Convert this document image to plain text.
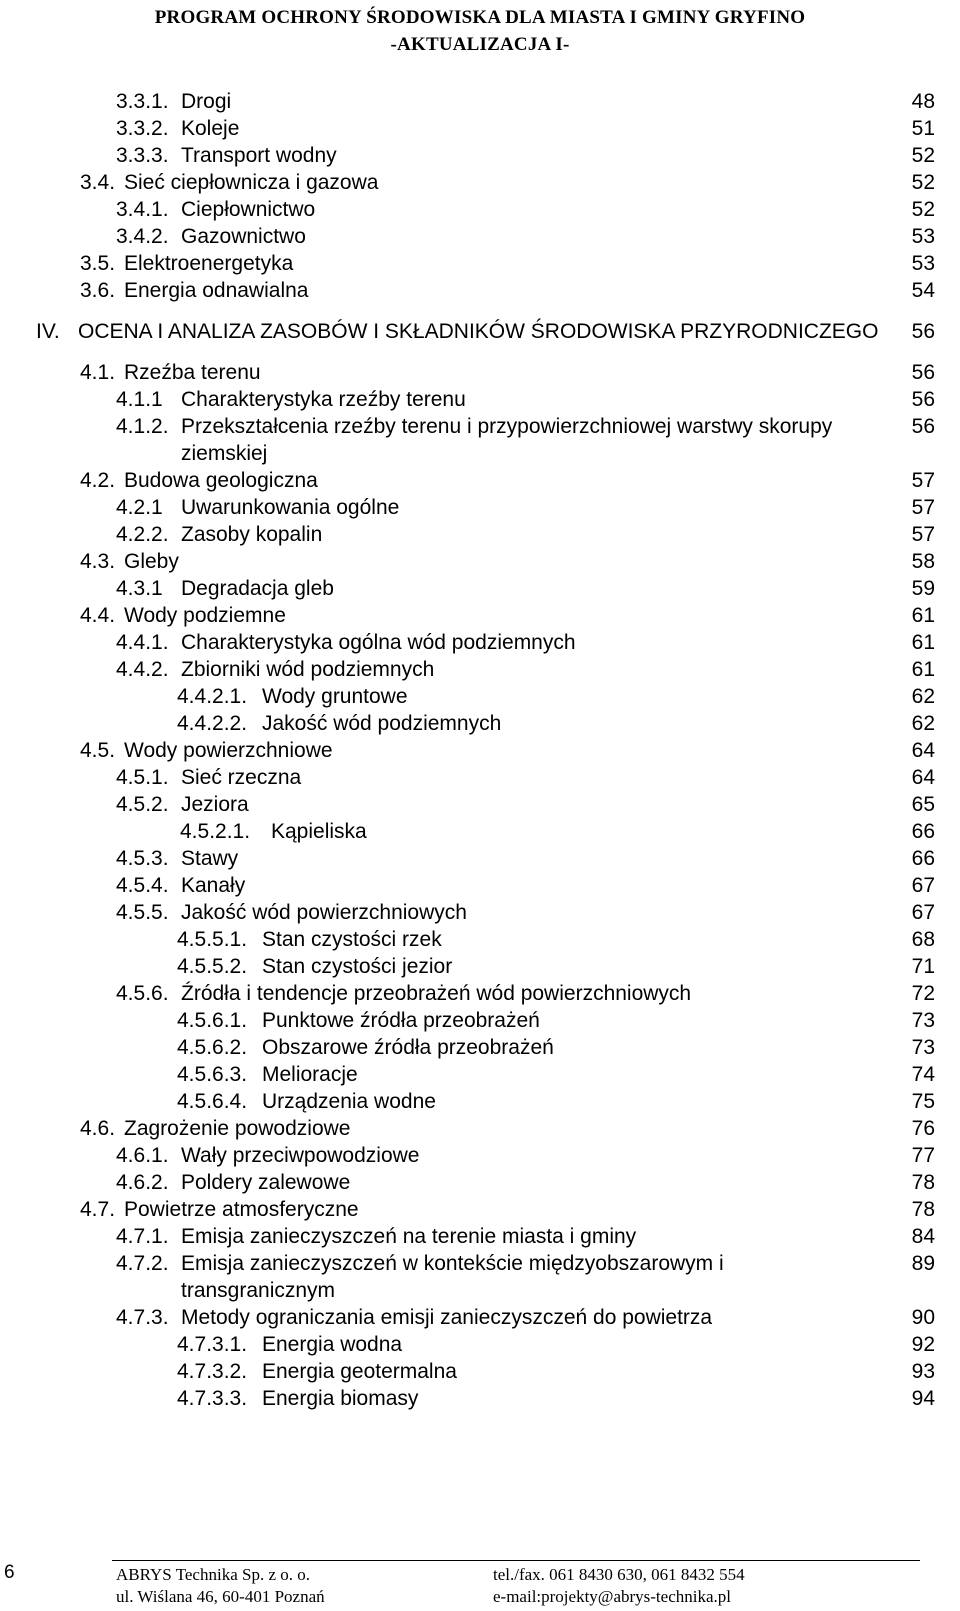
PROGRAM OCHRONY ŚRODOWISKA DLA MIASTA I GMINY GRYFINO
-AKTUALIZACJA I-
3.3.1. Drogi	48
3.3.2. Koleje	51
3.3.3. Transport wodny	52
3.4. Sieć ciepłownicza i gazowa	52
3.4.1. Ciepłownictwo	52
3.4.2. Gazownictwo	53
3.5. Elektroenergetyka	53
3.6. Energia odnawialna	54
IV. OCENA I ANALIZA ZASOBÓW I SKŁADNIKÓW ŚRODOWISKA PRZYRODNICZEGO	56
4.1. Rzeźba terenu	56
4.1.1 Charakterystyka rzeźby terenu	56
4.1.2. Przekształcenia rzeźby terenu i przypowierzchniowej warstwy skorupy ziemskiej
56
4.2. Budowa geologiczna	57
4.2.1 Uwarunkowania ogólne	57
4.2.2. Zasoby kopalin	57
4.3. Gleby	58
4.3.1 Degradacja gleb	59
4.4. Wody podziemne	61
4.4.1. Charakterystyka ogólna wód podziemnych	61
4.4.2. Zbiorniki wód podziemnych	61
4.4.2.1. Wody gruntowe	62
4.4.2.2. Jakość wód podziemnych	62
4.5. Wody powierzchniowe	64
4.5.1. Sieć rzeczna	64
4.5.2. Jeziora	65
4.5.2.1. Kąpieliska	66
4.5.3. Stawy	66
4.5.4. Kanały	67
4.5.5. Jakość wód powierzchniowych	67
4.5.5.1. Stan czystości rzek	68
4.5.5.2. Stan czystości jezior	71
4.5.6. Źródła i tendencje przeobrażeń wód powierzchniowych	72
4.5.6.1. Punktowe źródła przeobrażeń	73
4.5.6.2. Obszarowe źródła przeobrażeń	73
4.5.6.3. Melioracje	74
4.5.6.4. Urządzenia wodne	75
4.6. Zagrożenie powodziowe	76
4.6.1. Wały przeciwpowodziowe	77
4.6.2. Poldery zalewowe	78
4.7. Powietrze atmosferyczne	78
4.7.1. Emisja zanieczyszczeń na terenie miasta i gminy	84
4.7.2. Emisja zanieczyszczeń w kontekście międzyobszarowym i transgranicznym
89
4.7.3. Metody ograniczania emisji zanieczyszczeń do powietrza	90
4.7.3.1. Energia wodna	92
4.7.3.2. Energia geotermalna	93
4.7.3.3. Energia biomasy	94
6	ABRYS Technika Sp. z o. o.
ul. Wiślana 46, 60-401 Poznań
tel./fax. 061 8430 630, 061 8432 554
e-mail:projekty@abrys-technika.pl
